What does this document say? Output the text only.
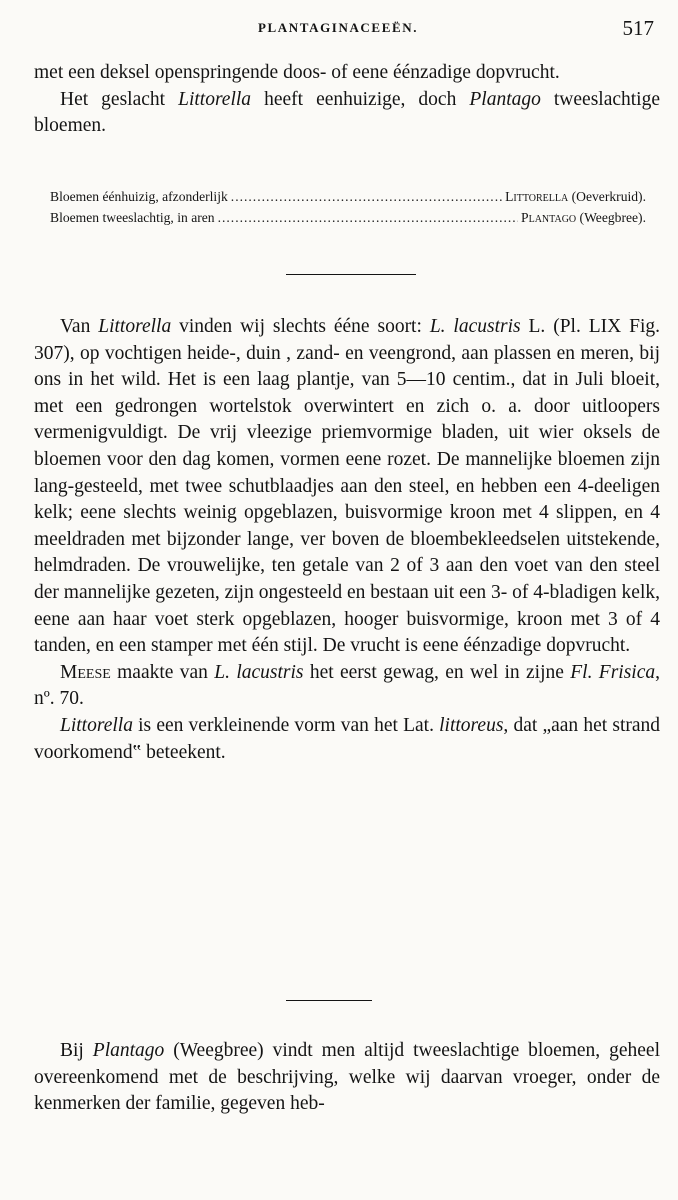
PLANTAGINACEEËN.	517

met een deksel openspringende doos- of eene éénzadige dopvrucht.

Het geslacht Littorella heeft eenhuizige, doch Plantago tweeslachtige bloemen.

Bloemen éénhuizig, afzonderlijk .....	Littorella (Oeverkruid).
Bloemen tweeslachtig, in aren .....	Plantago (Weegbree).

Van Littorella vinden wij slechts ééne soort: L. lacustris L. (Pl. LIX Fig. 307), op vochtigen heide-, duin , zand- en veengrond, aan plassen en meren, bij ons in het wild. Het is een laag plantje, van 5—10 centim., dat in Juli bloeit, met een gedrongen wortelstok overwintert en zich o. a. door uitloopers vermenigvuldigt. De vrij vleezige priemvormige bladen, uit wier oksels de bloemen voor den dag komen, vormen eene rozet. De mannelijke bloemen zijn lang-gesteeld, met twee schutblaadjes aan den steel, en hebben een 4-deeligen kelk; eene slechts weinig opgeblazen, buisvormige kroon met 4 slippen, en 4 meeldraden met bijzonder lange, ver boven de bloembekleedselen uitstekende, helmdraden. De vrouwelijke, ten getale van 2 of 3 aan den voet van den steel der mannelijke gezeten, zijn ongesteeld en bestaan uit een 3- of 4-bladigen kelk, eene aan haar voet sterk opgeblazen, hooger buisvormige, kroon met 3 of 4 tanden, en een stamper met één stijl. De vrucht is eene éénzadige dopvrucht.

Meese maakte van L. lacustris het eerst gewag, en wel in zijne Fl. Frisica, nº. 70.

Littorella is een verkleinende vorm van het Lat. littoreus, dat „aan het strand voorkomend‟ beteekent.

Bij Plantago (Weegbree) vindt men altijd tweeslachtige bloemen, geheel overeenkomend met de beschrijving, welke wij daarvan vroeger, onder de kenmerken der familie, gegeven heb-
